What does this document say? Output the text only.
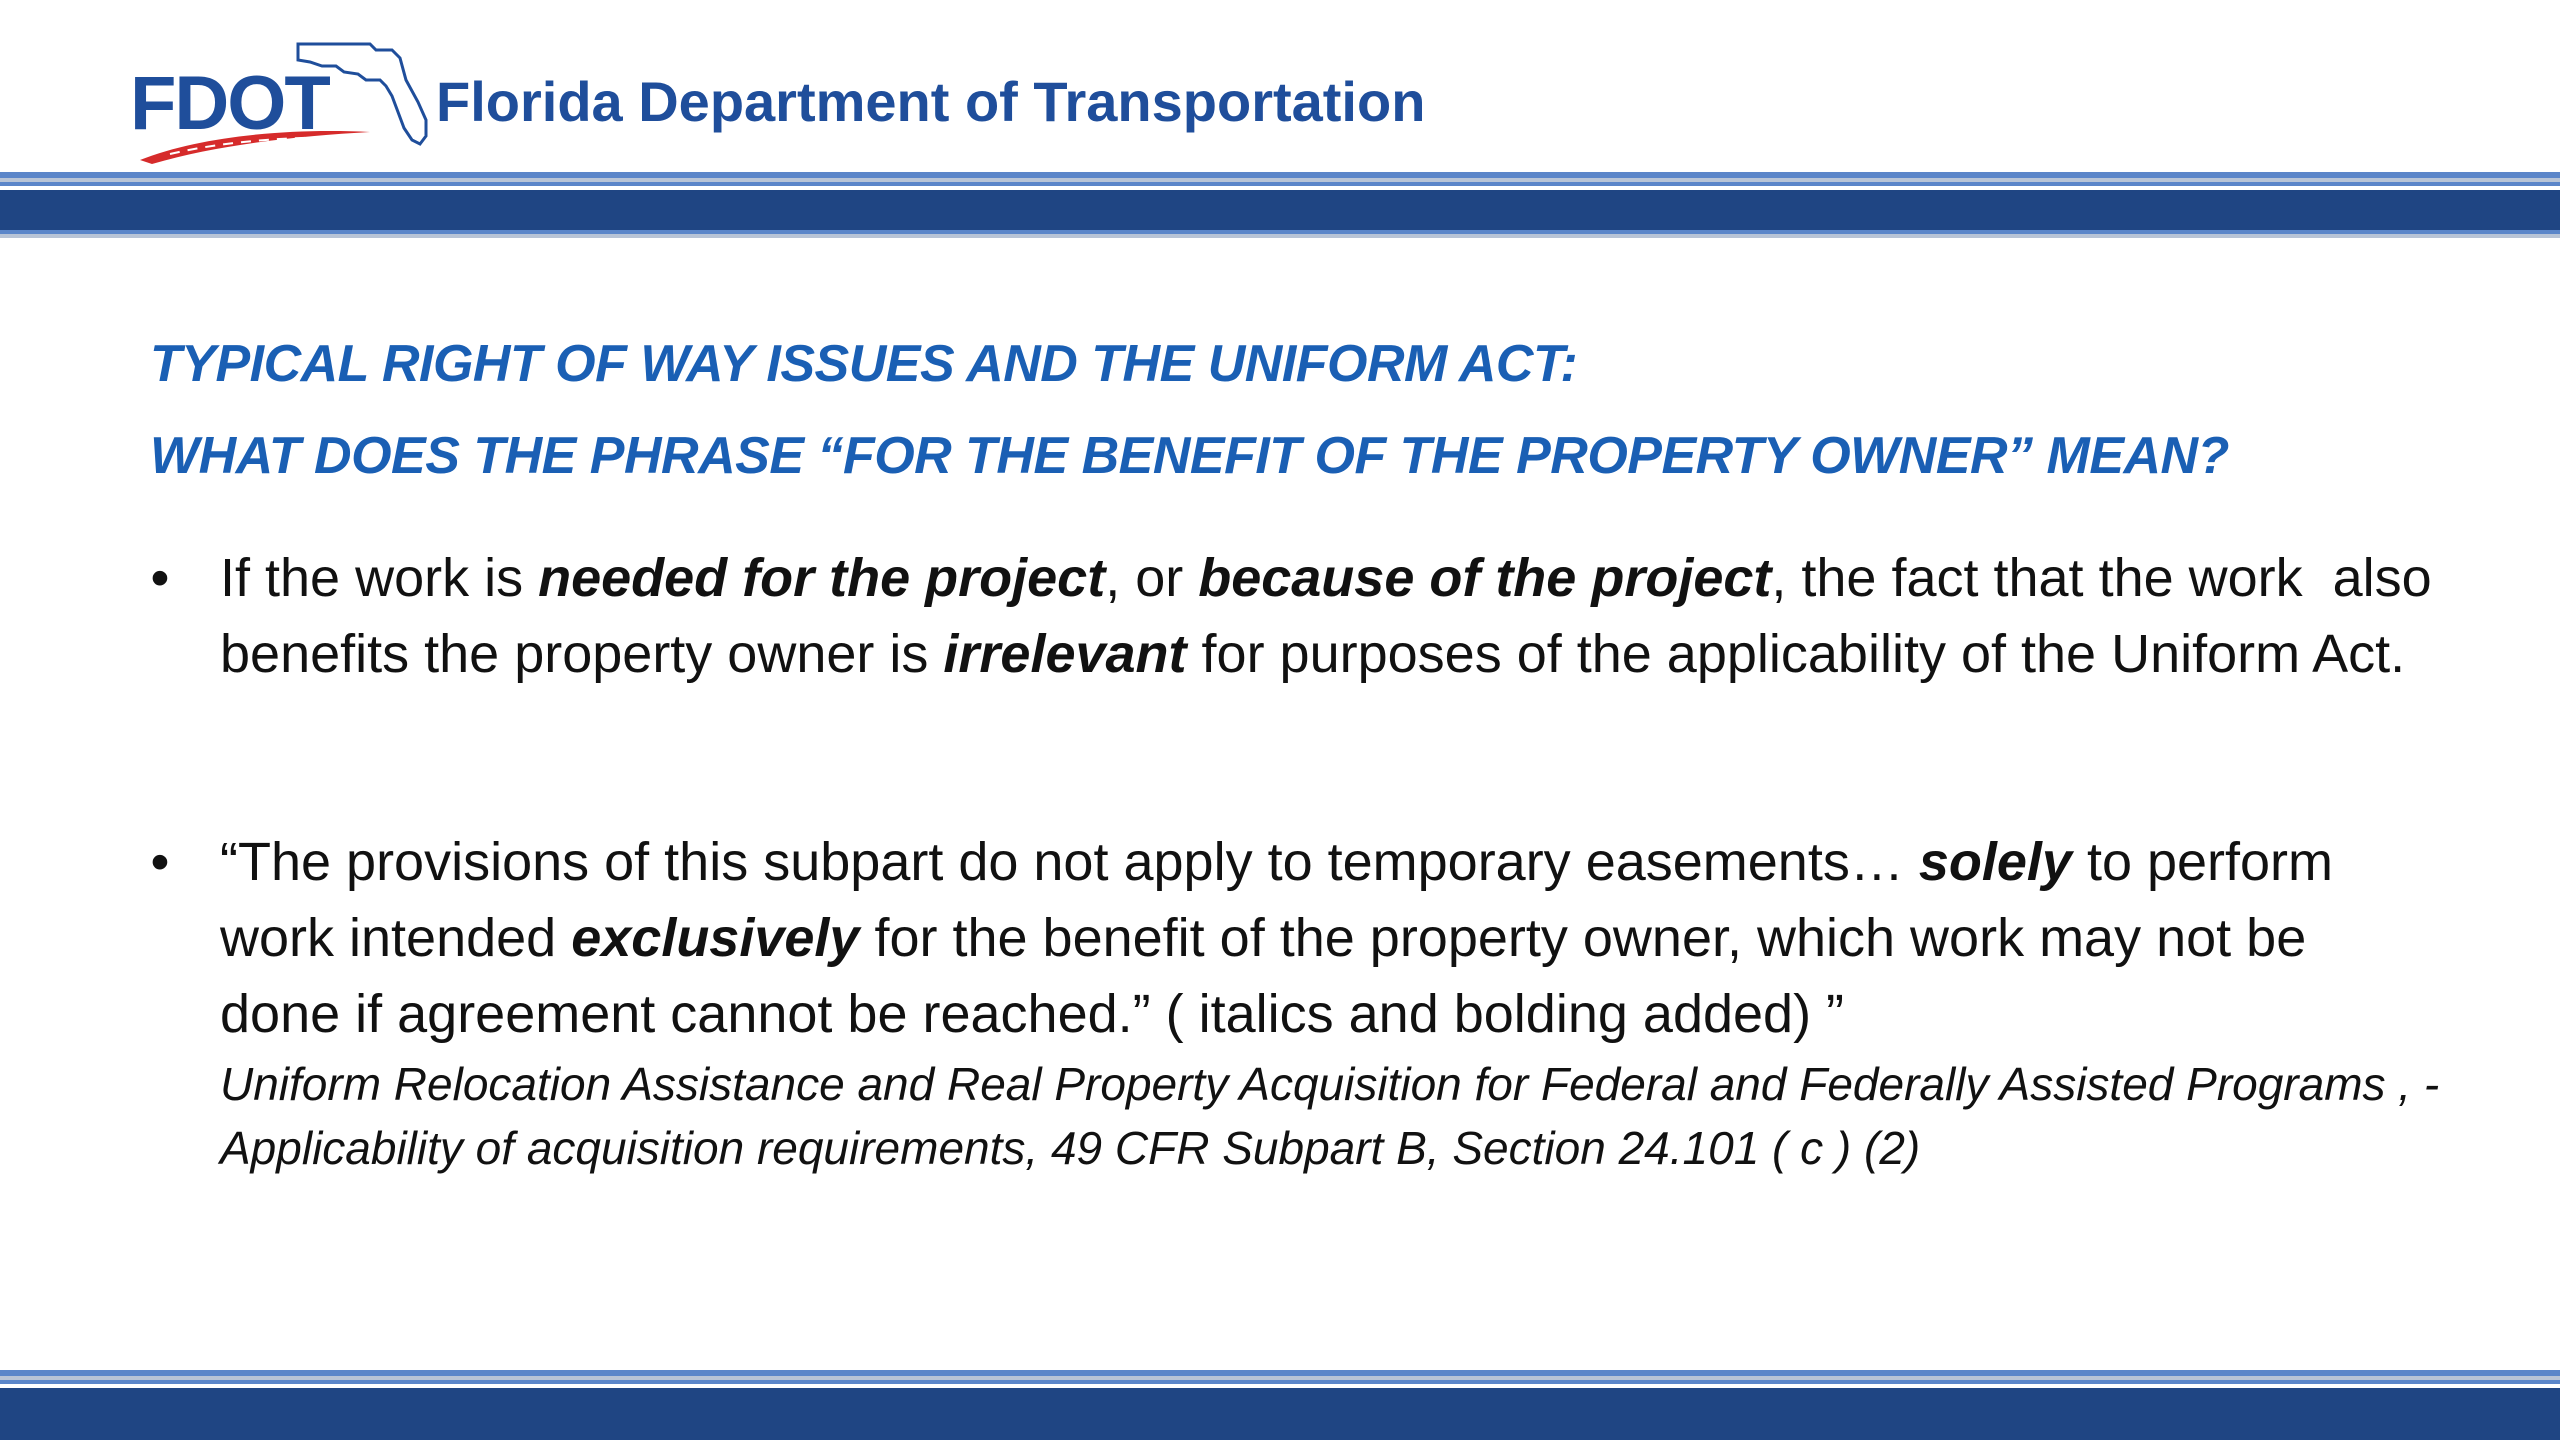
FDOT Florida Department of Transportation
TYPICAL RIGHT OF WAY ISSUES AND THE UNIFORM ACT:
WHAT DOES THE PHRASE “FOR THE BENEFIT OF THE PROPERTY OWNER” MEAN?
• If the work is needed for the project, or because of the project, the fact that the work  also benefits the property owner is irrelevant for purposes of the applicability of the Uniform Act.
• “The provisions of this subpart do not apply to temporary easements… solely to perform work intended exclusively for the benefit of the property owner, which work may not be done if agreement cannot be reached.” ( italics and bolding added) ”
Uniform Relocation Assistance and Real Property Acquisition for Federal and Federally Assisted Programs , - Applicability of acquisition requirements, 49 CFR Subpart B, Section 24.101 ( c ) (2)
